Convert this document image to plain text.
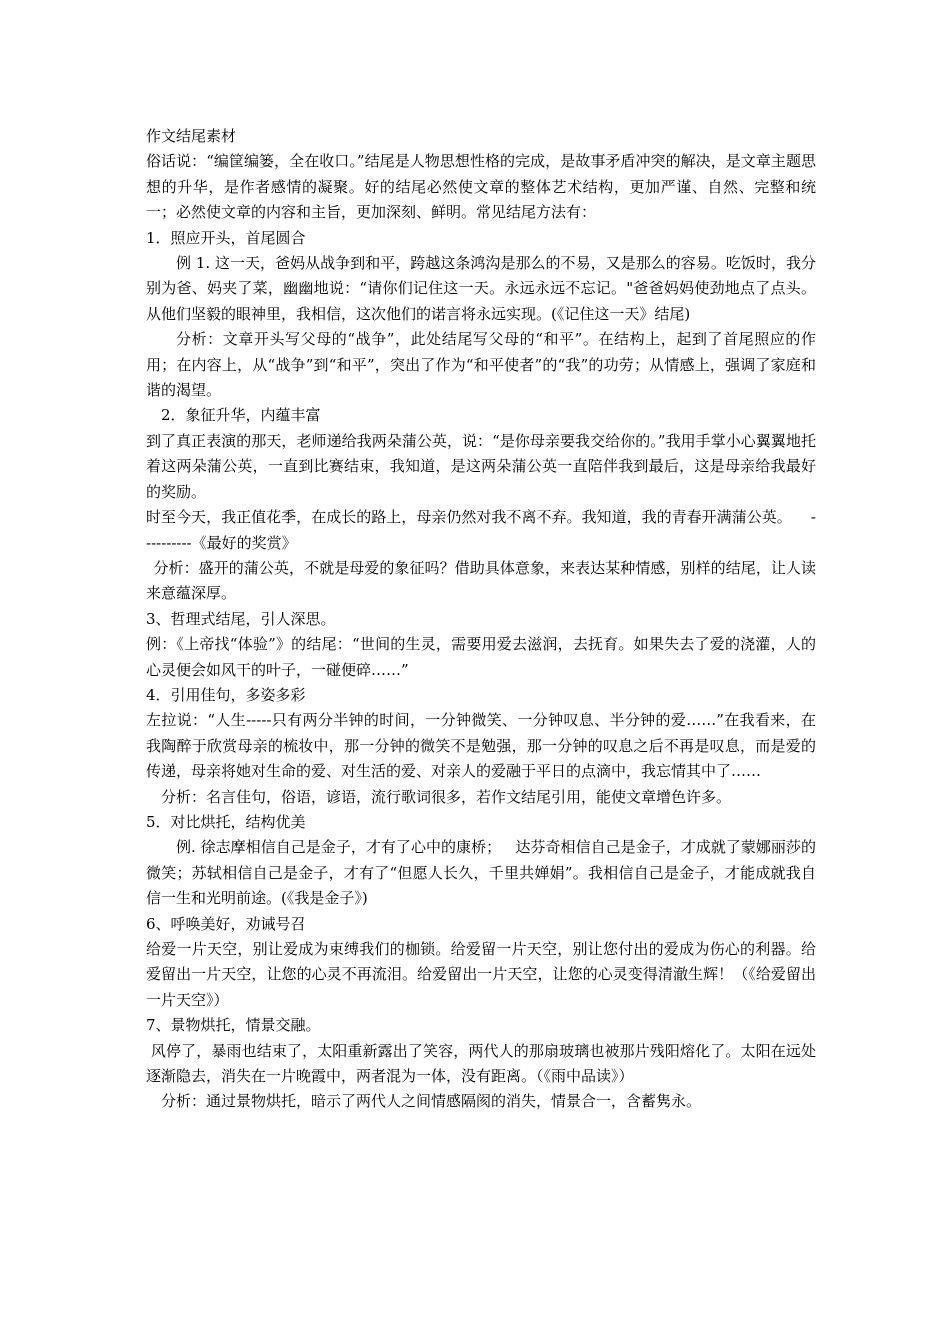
作文结尾素材

俗话说：“编筐编篓，全在收口。”结尾是人物思想性格的完成，是故事矛盾冲突的解决，是文章主题思想的升华，是作者感情的凝聚。好的结尾必然使文章的整体艺术结构，更加严谨、自然、完整和统一；必然使文章的内容和主旨，更加深刻、鲜明。常见结尾方法有：

1．照应开头，首尾圆合

例 1. 这一天，爸妈从战争到和平，跨越这条鸿沟是那么的不易，又是那么的容易。吃饭时，我分别为爸、妈夹了菜，幽幽地说：“请你们记住这一天。永远永远不忘记。"爸爸妈妈使劲地点了点头。从他们坚毅的眼神里，我相信，这次他们的诺言将永远实现。(《记住这一天》结尾)

分析：文章开头写父母的“战争”，此处结尾写父母的“和平”。在结构上，起到了首尾照应的作用；在内容上，从“战争”到“和平”，突出了作为“和平使者”的“我”的功劳；从情感上，强调了家庭和谐的渴望。

2．象征升华，内蕴丰富

到了真正表演的那天，老师递给我两朵蒲公英，说：“是你母亲要我交给你的。”我用手掌小心翼翼地托着这两朵蒲公英，一直到比赛结束，我知道，是这两朵蒲公英一直陪伴我到最后，这是母亲给我最好的奖励。

时至今天，我正值花季，在成长的路上，母亲仍然对我不离不弃。我知道，我的青春开满蒲公英。    ----------《最好的奖赏》

分析：盛开的蒲公英，不就是母爱的象征吗？借助具体意象，来表达某种情感，别样的结尾，让人读来意蕴深厚。

3、哲理式结尾，引人深思。

例：《上帝找“体验”》的结尾：“世间的生灵，需要用爱去滋润，去抚育。如果失去了爱的浇灌，人的心灵便会如风干的叶子，一碰便碎……”

4．引用佳句，多姿多彩

左拉说：“人生-----只有两分半钟的时间，一分钟微笑、一分钟叹息、半分钟的爱……”在我看来，在我陶醉于欣赏母亲的梳妆中，那一分钟的微笑不是勉强，那一分钟的叹息之后不再是叹息，而是爱的传递，母亲将她对生命的爱、对生活的爱、对亲人的爱融于平日的点滴中，我忘情其中了……

分析：名言佳句，俗语，谚语，流行歌词很多，若作文结尾引用，能使文章增色许多。

5．对比烘托，结构优美

例. 徐志摩相信自己是金子，才有了心中的康桥；   达芬奇相信自己是金子，才成就了蒙娜丽莎的微笑；苏轼相信自己是金子，才有了“但愿人长久，千里共婵娟”。我相信自己是金子，才能成就我自信一生和光明前途。(《我是金子》)

6、呼唤美好，劝诫号召

给爱一片天空，别让爱成为束缚我们的枷锁。给爱留一片天空，别让您付出的爱成为伤心的利器。给爱留出一片天空，让您的心灵不再流泪。给爱留出一片天空，让您的心灵变得清澈生辉！（《给爱留出一片天空》）

7、景物烘托，情景交融。

风停了，暴雨也结束了，太阳重新露出了笑容，两代人的那扇玻璃也被那片残阳熔化了。太阳在远处逐渐隐去，消失在一片晚霞中，两者混为一体，没有距离。（《雨中品读》）

分析：通过景物烘托，暗示了两代人之间情感隔阂的消失，情景合一，含蓄隽永。
